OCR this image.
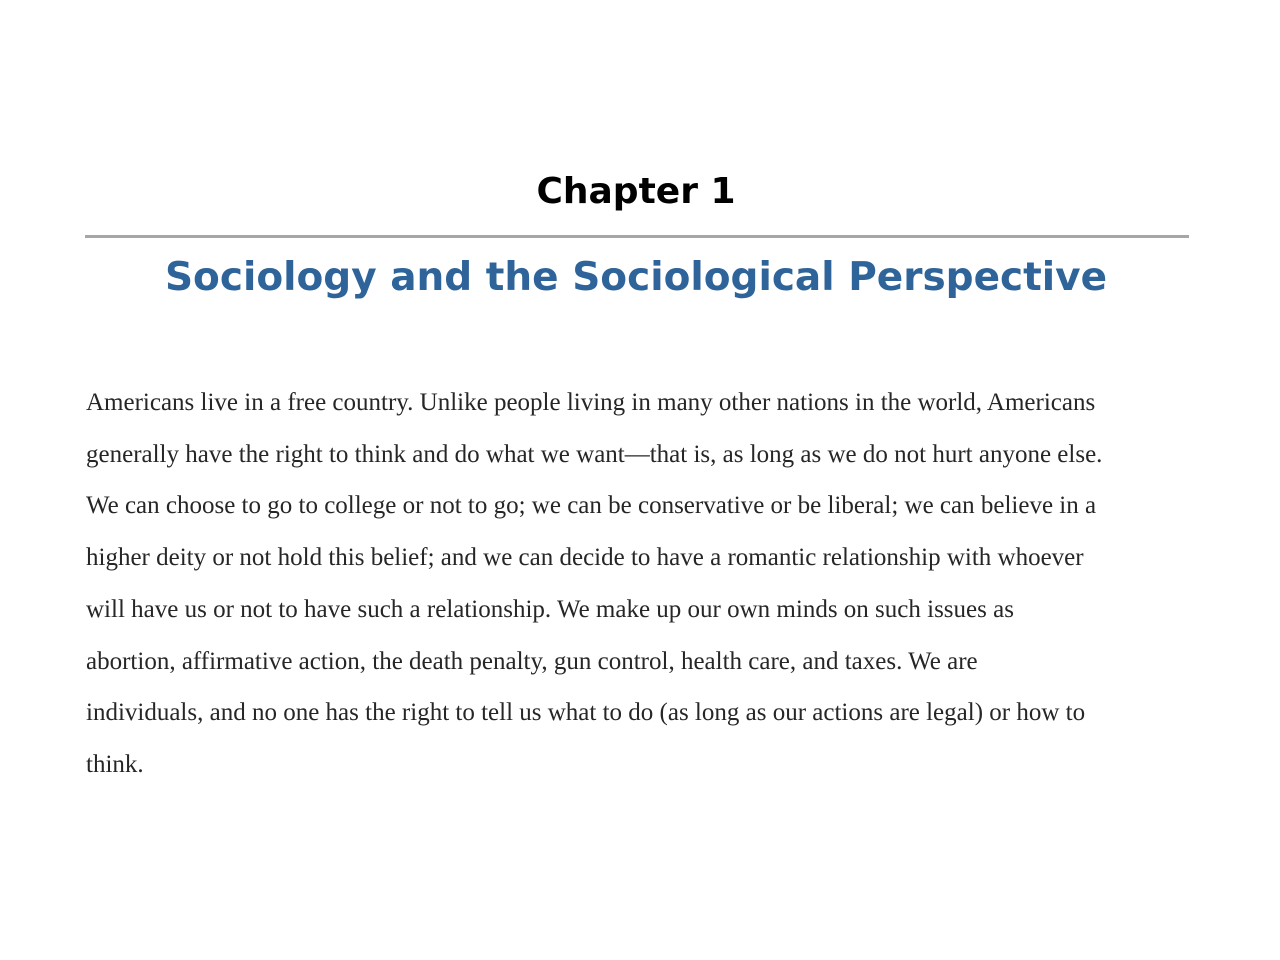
Chapter 1
Sociology and the Sociological Perspective

Americans live in a free country. Unlike people living in many other nations in the world, Americans
generally have the right to think and do what we want—that is, as long as we do not hurt anyone else.
We can choose to go to college or not to go; we can be conservative or be liberal; we can believe in a
higher deity or not hold this belief; and we can decide to have a romantic relationship with whoever
will have us or not to have such a relationship. We make up our own minds on such issues as
abortion, affirmative action, the death penalty, gun control, health care, and taxes. We are
individuals, and no one has the right to tell us what to do (as long as our actions are legal) or how to
think.
